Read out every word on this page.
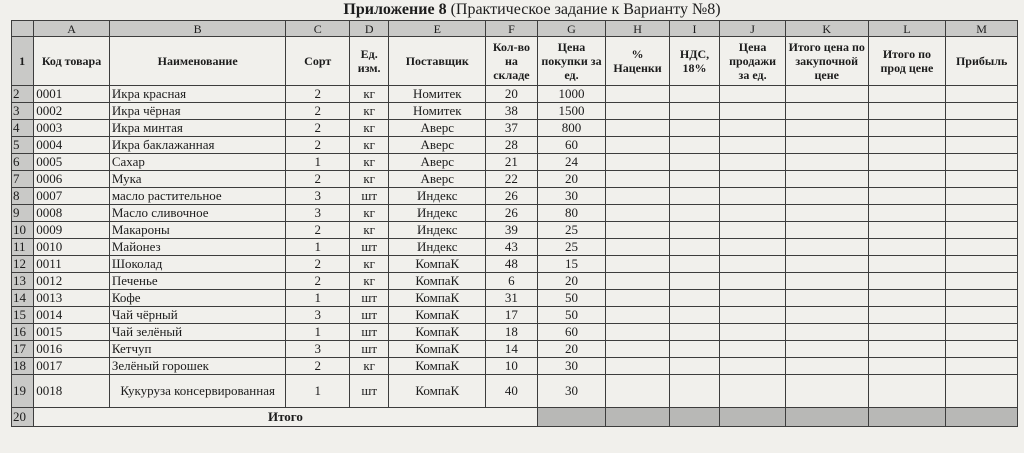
Приложение 8 (Практическое задание к Варианту №8)
	A	B	C	D	E	F	G	H	I	J	K	L	M
1	Код товара	Наименование	Сорт	Ед. изм.	Поставщик	Кол-во на складе	Цена покупки за ед.	% Наценки	НДС, 18%	Цена продажи за ед.	Итого цена по закупочной цене	Итого по прод цене	Прибыль
2	0001	Икра красная	2	кг	Номитек	20	1000						
3	0002	Икра чёрная	2	кг	Номитек	38	1500						
4	0003	Икра минтая	2	кг	Аверс	37	800						
5	0004	Икра баклажанная	2	кг	Аверс	28	60						
6	0005	Сахар	1	кг	Аверс	21	24						
7	0006	Мука	2	кг	Аверс	22	20						
8	0007	масло растительное	3	шт	Индекс	26	30						
9	0008	Масло сливочное	3	кг	Индекс	26	80						
10	0009	Макароны	2	кг	Индекс	39	25						
11	0010	Майонез	1	шт	Индекс	43	25						
12	0011	Шоколад	2	кг	КомпаК	48	15						
13	0012	Печенье	2	кг	КомпаК	6	20						
14	0013	Кофе	1	шт	КомпаК	31	50						
15	0014	Чай чёрный	3	шт	КомпаК	17	50						
16	0015	Чай зелёный	1	шт	КомпаК	18	60						
17	0016	Кетчуп	3	шт	КомпаК	14	20						
18	0017	Зелёный горошек	2	кг	КомпаК	10	30						
19	0018	Кукуруза консервированная	1	шт	КомпаК	40	30						
20	Итого												
